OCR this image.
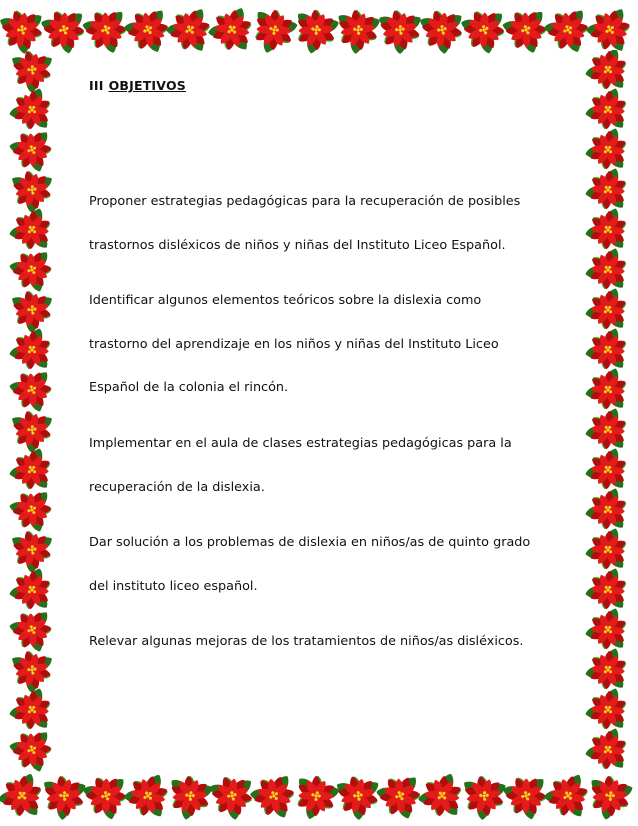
III OBJETIVOS

Proponer estrategias pedagógicas para la recuperación de posibles
trastornos disléxicos de niños y niñas del Instituto Liceo Español.

Identificar algunos elementos teóricos sobre la dislexia como
trastorno del aprendizaje en los niños y niñas del Instituto Liceo
Español de la colonia el rincón.

Implementar en el aula de clases estrategias pedagógicas para la
recuperación de la dislexia.

Dar solución a los problemas de dislexia en niños/as de quinto grado
del instituto liceo español.

Relevar algunas mejoras de los tratamientos de niños/as disléxicos.
